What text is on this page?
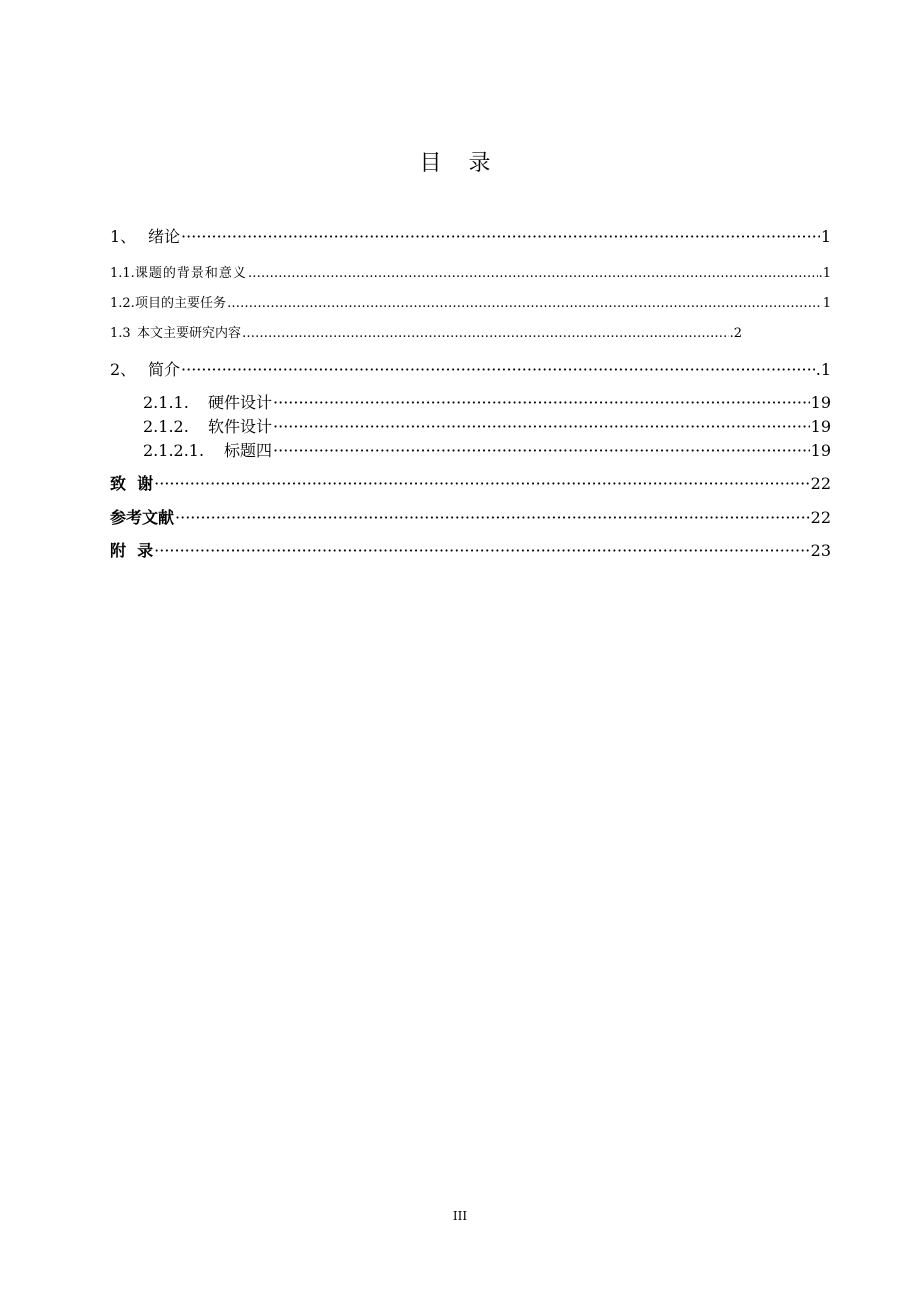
目 录
1、 绪论 ·····	1
1.1. 课题的背景和意义 …………………………………………………………………………………………………………………………………………………………………………………………………………………………………………	.1
1.2. 项目的主要任务 …………………………………………………………………………………………………………………………………………………………………………………………………………………………………………	1
1.3 本文主要研究内容 …………………………………………………………………………………………………………………………………………………………………………………………………………………………………………	.2
2、 简介 ·····	.1
2.1.1.	硬件设计 ·····	19
2.1.2.	软件设计 ·····	19
2.1.2.1.	标题四 ·····	19
致  谢 ·····	22
参考文献 ·····	22
附  录 ·····	23
III
